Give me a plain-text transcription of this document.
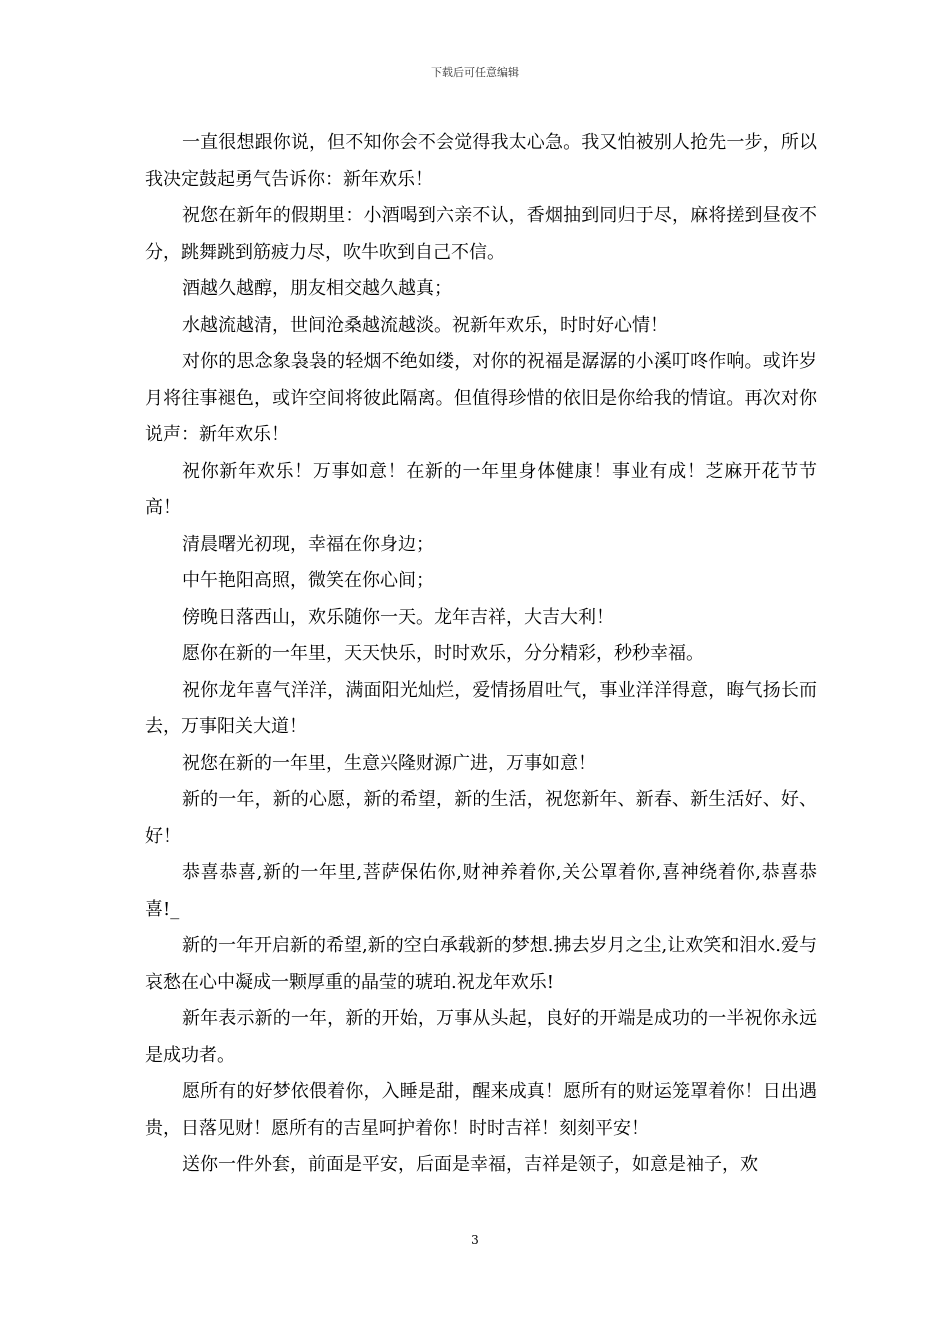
下载后可任意编辑

一直很想跟你说，但不知你会不会觉得我太心急。我又怕被别人抢先一步，所以我决定鼓起勇气告诉你：新年欢乐！

祝您在新年的假期里：小酒喝到六亲不认，香烟抽到同归于尽，麻将搓到昼夜不分，跳舞跳到筋疲力尽，吹牛吹到自己不信。

酒越久越醇，朋友相交越久越真；

水越流越清，世间沧桑越流越淡。祝新年欢乐，时时好心情！

对你的思念象袅袅的轻烟不绝如缕，对你的祝福是潺潺的小溪叮咚作响。或许岁月将往事褪色，或许空间将彼此隔离。但值得珍惜的依旧是你给我的情谊。再次对你说声：新年欢乐！

祝你新年欢乐！万事如意！在新的一年里身体健康！事业有成！芝麻开花节节高！

清晨曙光初现，幸福在你身边；

中午艳阳高照，微笑在你心间；

傍晚日落西山，欢乐随你一天。龙年吉祥，大吉大利！

愿你在新的一年里，天天快乐，时时欢乐，分分精彩，秒秒幸福。

祝你龙年喜气洋洋，满面阳光灿烂，爱情扬眉吐气，事业洋洋得意，晦气扬长而去，万事阳关大道！

祝您在新的一年里，生意兴隆财源广进，万事如意！

新的一年，新的心愿，新的希望，新的生活，祝您新年、新春、新生活好、好、好！

恭喜恭喜,新的一年里,菩萨保佑你,财神养着你,关公罩着你,喜神绕着你,恭喜恭喜!_

新的一年开启新的希望,新的空白承载新的梦想.拂去岁月之尘,让欢笑和泪水.爱与哀愁在心中凝成一颗厚重的晶莹的琥珀.祝龙年欢乐!

新年表示新的一年，新的开始，万事从头起，良好的开端是成功的一半祝你永远是成功者。

愿所有的好梦依偎着你，入睡是甜，醒来成真！愿所有的财运笼罩着你！日出遇贵，日落见财！愿所有的吉星呵护着你！时时吉祥！刻刻平安！

送你一件外套，前面是平安，后面是幸福，吉祥是领子，如意是袖子，欢

3
